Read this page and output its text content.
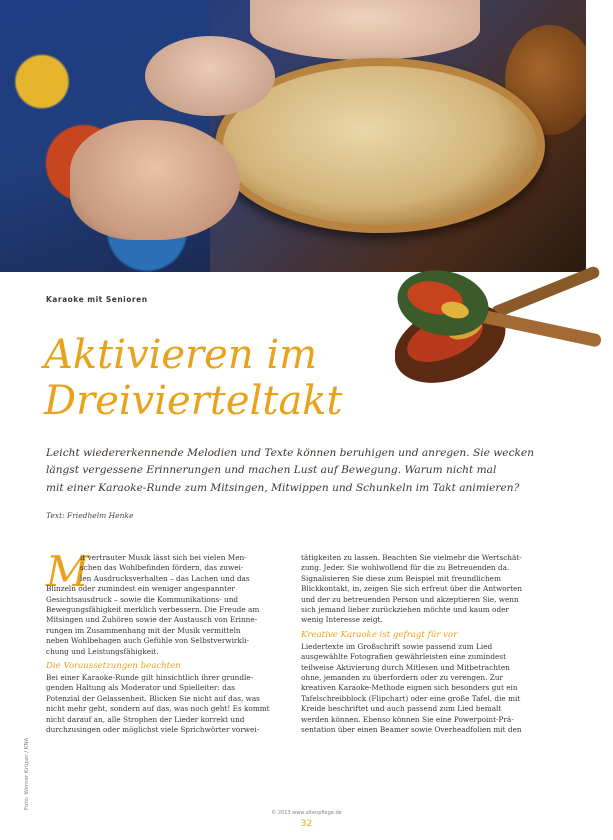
Karaoke mit Senioren
Aktivieren im
Dreivierteltakt
Leicht wiedererkennende Melodien und Texte können beruhigen und anregen. Sie wecken
längst vergessene Erinnerungen und machen Lust auf Bewegung. Warum nicht mal
mit einer Karaoke-Runde zum Mitsingen, Mitwippen und Schunkeln im Takt animieren?
Text: Friedhelm Henke
M
it vertrauter Musik lässt sich bei vielen Men-
schen das Wohlbefinden fördern, das zuwei-
len Ausdrucksverhalten – das Lachen und das
Blinzeln oder zumindest ein weniger angespannter
Gesichtsausdruck – sowie die Kommunikations- und
Bewegungsfähigkeit merklich verbessern. Die Freude am
Mitsingen und Zuhören sowie der Austausch von Erinne-
rungen im Zusammenhang mit der Musik vermitteln
neben Wohlbehagen auch Gefühle von Selbstverwirkli-
chung und Leistungsfähigkeit.
Die Voraussetzungen beachten
Bei einer Karaoke-Runde gilt hinsichtlich ihrer grundle-
genden Haltung als Moderator und Spielleiter: das
Potenzial der Gelassenheit. Blicken Sie nicht auf das, was
nicht mehr geht, sondern auf das, was noch geht! Es kommt
nicht darauf an, alle Strophen der Lieder korrekt und
durchzusingen oder möglichst viele Sprichwörter vorwei-
tätigkeiten zu lassen. Beachten Sie vielmehr die Wertschät-
zung. Jeder. Sie wohlwollend für die zu Betreuenden da.
Signalisieren Sie diese zum Beispiel mit freundlichem
Blickkontakt, in, zeigen Sie sich erfreut über die Antworten
und der zu betreuenden Person und akzeptieren Sie, wenn
sich jemand lieber zurückziehen möchte und kaum oder
wenig Interesse zeigt.
Kreative Karaoke ist gefragt für vor
Liedertexte im Großschrift sowie passend zum Lied
ausgewählte Fotografien gewährleisten eine zumindest
teilweise Aktivierung durch Mitlesen und Mitbetrachten
ohne, jemanden zu überfordern oder zu verengen. Zur
kreativen Karaoke-Methode eignen sich besonders gut ein
Tafelschreibblock (Flipchart) oder eine große Tafel, die mit
Kreide beschriftet und auch passend zum Lied bemalt
werden können. Ebenso können Sie eine Powerpoint-Prä-
sentation über einen Beamer sowie Overheadfolien mit den
Foto: Werner Krüper / KNA
© 2013 www.altenpflege.de
32
